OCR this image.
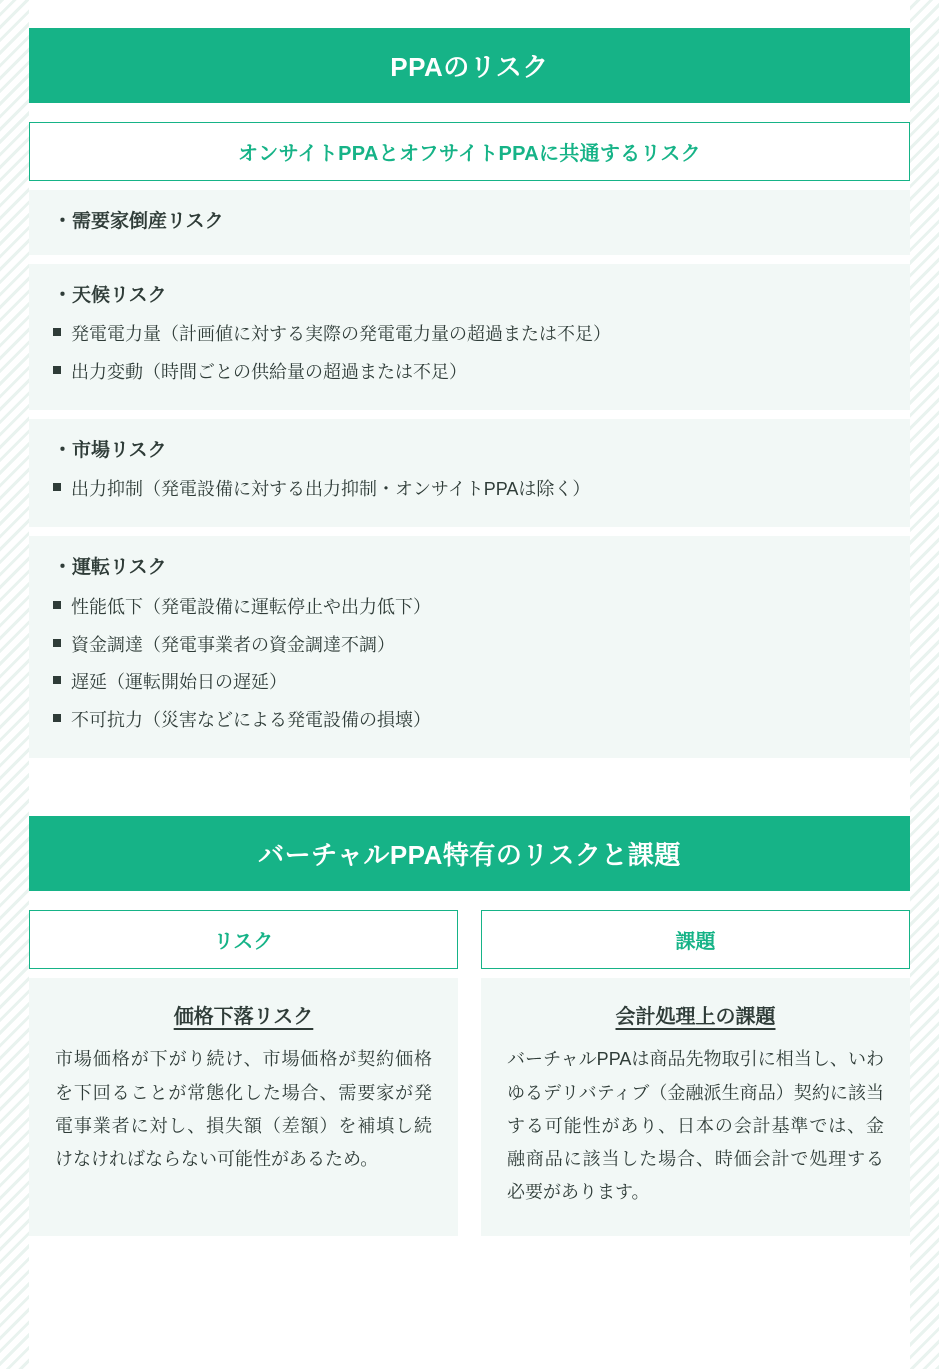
PPAのリスク
オンサイトPPAとオフサイトPPAに共通するリスク
・需要家倒産リスク
・天候リスク
発電電力量（計画値に対する実際の発電電力量の超過または不足）
出力変動（時間ごとの供給量の超過または不足）
・市場リスク
出力抑制（発電設備に対する出力抑制・オンサイトPPAは除く）
・運転リスク
性能低下（発電設備に運転停止や出力低下）
資金調達（発電事業者の資金調達不調）
遅延（運転開始日の遅延）
不可抗力（災害などによる発電設備の損壊）
バーチャルPPA特有のリスクと課題
リスク
価格下落リスク
市場価格が下がり続け、市場価格が契約価格を下回ることが常態化した場合、需要家が発電事業者に対し、損失額（差額）を補填し続けなければならない可能性があるため。
課題
会計処理上の課題
バーチャルPPAは商品先物取引に相当し、いわゆるデリバティブ（金融派生商品）契約に該当する可能性があり、日本の会計基準では、金融商品に該当した場合、時価会計で処理する必要があります。
